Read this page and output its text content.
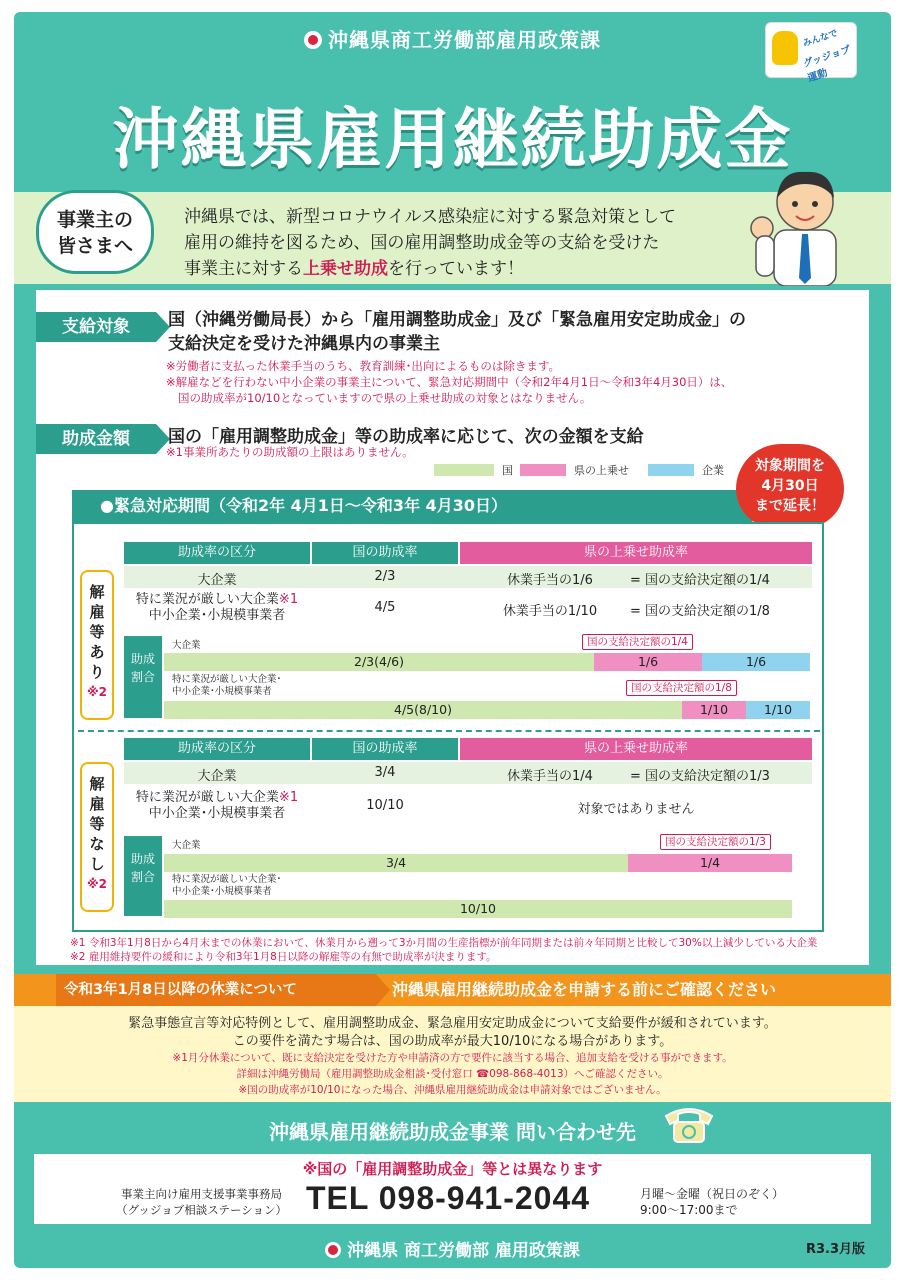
沖縄県商工労働部雇用政策課	みんなで
グッジョブ運動
沖縄県雇用継続助成金
事業主の
皆さまへ
沖縄県では、新型コロナウイルス感染症に対する緊急対策として
雇用の維持を図るため、国の雇用調整助成金等の支給を受けた
事業主に対する上乗せ助成を行っています！
支給対象	国（沖縄労働局長）から「雇用調整助成金」及び「緊急雇用安定助成金」の
支給決定を受けた沖縄県内の事業主
※労働者に支払った休業手当のうち、教育訓練･出向によるものは除きます。
※解雇などを行わない中小企業の事業主について、緊急対応期間中（令和2年4月1日～令和3年4月30日）は、
国の助成率が10/10となっていますので県の上乗せ助成の対象とはなりません。
助成金額	国の「雇用調整助成金」等の助成率に応じて、次の金額を支給
※1事業所あたりの助成額の上限はありません。
国	県の上乗せ	企業
●緊急対応期間（令和2年 4月1日～令和3年 4月30日）
対象期間を
4月30日
まで延長！
解雇等あり
※2
助成率の区分	国の助成率	県の上乗せ助成率
大企業	2/3	休業手当の1/6	= 国の支給決定額の1/4
特に業況が厳しい大企業※1
中小企業･小規模事業者
4/5	休業手当の1/10	= 国の支給決定額の1/8
助成
割合
大企業	国の支給決定額の1/4
2/3(4/6)	1/6	1/6
特に業況が厳しい大企業･
中小企業･小規模事業者	国の支給決定額の1/8
4/5(8/10)	1/10	1/10
解雇等なし
※2
助成率の区分	国の助成率	県の上乗せ助成率
大企業	3/4	休業手当の1/4	= 国の支給決定額の1/3
特に業況が厳しい大企業※1
中小企業･小規模事業者
10/10	対象ではありません
助成
割合
大企業	国の支給決定額の1/3
3/4	1/4
特に業況が厳しい大企業･
中小企業･小規模事業者
10/10
※1 令和3年1月8日から4月末までの休業において、休業月から遡って3か月間の生産指標が前年同期または前々年同期と比較して30%以上減少している大企業
※2 雇用維持要件の緩和により令和3年1月8日以降の解雇等の有無で助成率が決まります。
令和3年1月8日以降の休業について	沖縄県雇用継続助成金を申請する前にご確認ください
緊急事態宣言等対応特例として、雇用調整助成金、緊急雇用安定助成金について支給要件が緩和されています。
この要件を満たす場合は、国の助成率が最大10/10になる場合があります。
※1月分休業について、既に支給決定を受けた方や申請済の方で要件に該当する場合、追加支給を受ける事ができます。
詳細は沖縄労働局（雇用調整助成金相談･受付窓口 ☎098-868-4013）へご確認ください。
※国の助成率が10/10になった場合、沖縄県雇用継続助成金は申請対象ではございません。
沖縄県雇用継続助成金事業 問い合わせ先
※国の「雇用調整助成金」等とは異なります
事業主向け雇用支援事業事務局
（グッジョブ相談ステーション） TEL 098-941-2044	月曜～金曜（祝日のぞく）
9:00～17:00まで
沖縄県 商工労働部 雇用政策課	R3.3月版
